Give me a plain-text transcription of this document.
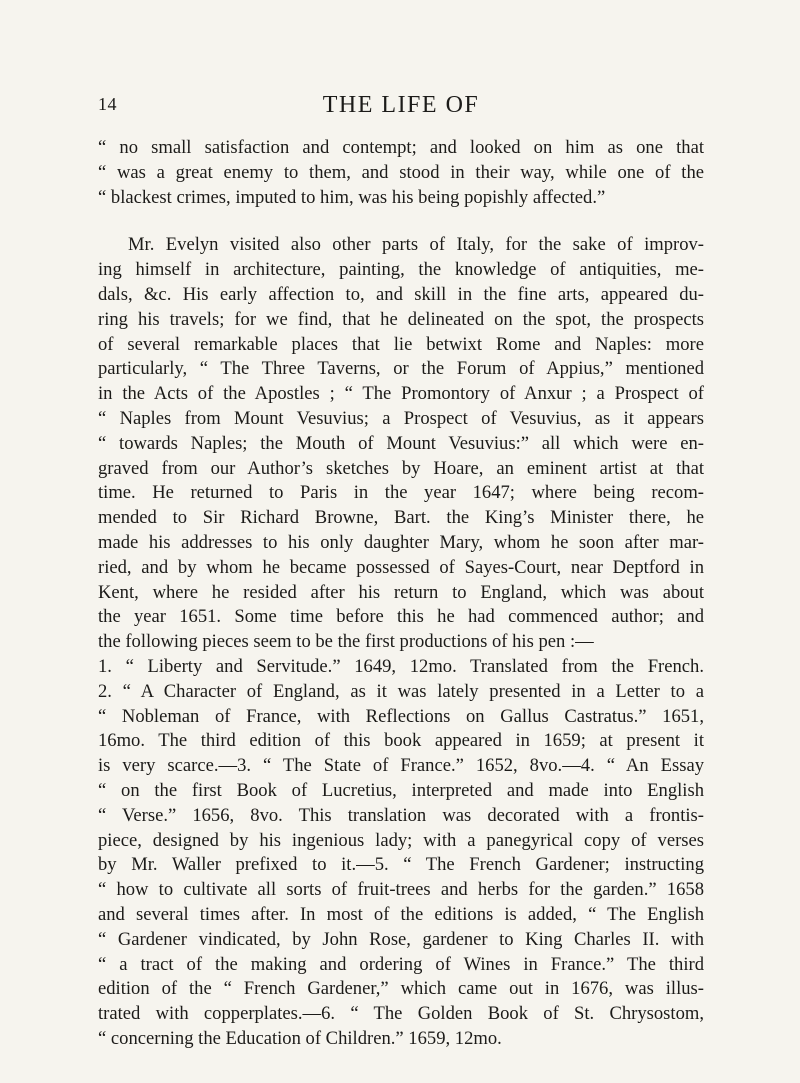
14	THE LIFE OF
“ no small satisfaction and contempt; and looked on him as one that
“ was a great enemy to them, and stood in their way, while one of the
“ blackest crimes, imputed to him, was his being popishly affected.”
Mr. Evelyn visited also other parts of Italy, for the sake of improv-
ing himself in architecture, painting, the knowledge of antiquities, me-
dals, &c. His early affection to, and skill in the fine arts, appeared du-
ring his travels; for we find, that he delineated on the spot, the prospects
of several remarkable places that lie betwixt Rome and Naples: more
particularly, “ The Three Taverns, or the Forum of Appius,” mentioned
in the Acts of the Apostles ; “ The Promontory of Anxur ; a Prospect of
“ Naples from Mount Vesuvius; a Prospect of Vesuvius, as it appears
“ towards Naples; the Mouth of Mount Vesuvius:” all which were en-
graved from our Author’s sketches by Hoare, an eminent artist at that
time. He returned to Paris in the year 1647; where being recom-
mended to Sir Richard Browne, Bart. the King’s Minister there, he
made his addresses to his only daughter Mary, whom he soon after mar-
ried, and by whom he became possessed of Sayes-Court, near Deptford in
Kent, where he resided after his return to England, which was about
the year 1651. Some time before this he had commenced author; and
the following pieces seem to be the first productions of his pen :—
1. “ Liberty and Servitude.” 1649, 12mo. Translated from the French.
2. “ A Character of England, as it was lately presented in a Letter to a
“ Nobleman of France, with Reflections on Gallus Castratus.” 1651,
16mo. The third edition of this book appeared in 1659; at present it
is very scarce.—3. “ The State of France.” 1652, 8vo.—4. “ An Essay
“ on the first Book of Lucretius, interpreted and made into English
“ Verse.” 1656, 8vo. This translation was decorated with a frontis-
piece, designed by his ingenious lady; with a panegyrical copy of verses
by Mr. Waller prefixed to it.—5. “ The French Gardener; instructing
“ how to cultivate all sorts of fruit-trees and herbs for the garden.” 1658
and several times after. In most of the editions is added, “ The English
“ Gardener vindicated, by John Rose, gardener to King Charles II. with
“ a tract of the making and ordering of Wines in France.” The third
edition of the “ French Gardener,” which came out in 1676, was illus-
trated with copperplates.—6. “ The Golden Book of St. Chrysostom,
“ concerning the Education of Children.” 1659, 12mo.
